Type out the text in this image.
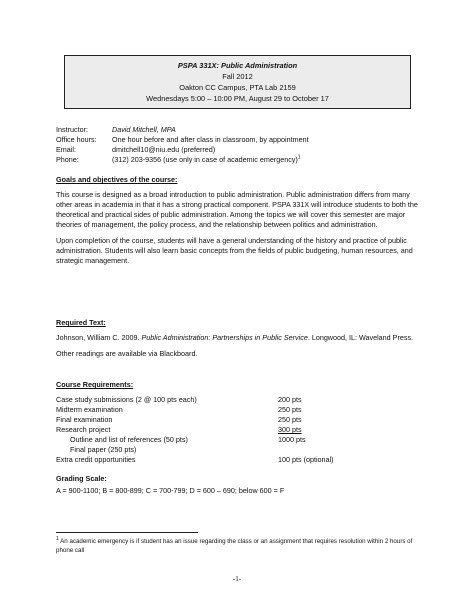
PSPA 331X: Public Administration
Fall 2012
Oakton CC Campus, PTA Lab 2159
Wednesdays 5:00 – 10:00 PM, August 29 to October 17
Instructor:	David Mitchell, MPA
Office hours:	One hour before and after class in classroom, by appointment
Email:	dmitchell10@niu.edu (preferred)
Phone:	(312) 203-9356 (use only in case of academic emergency)$^1$
Goals and objectives of the course:

This course is designed as a broad introduction to public administration. Public administration differs from many other areas in academia in that it has a strong practical component. PSPA 331X will introduce students to both the theoretical and practical sides of public administration. Among the topics we will cover this semester are major theories of management, the policy process, and the relationship between politics and administration.

Upon completion of the course, students will have a general understanding of the history and practice of public administration. Students will also learn basic concepts from the fields of public budgeting, human resources, and strategic management.

Required Text:

Johnson, William C. 2009. Public Administration: Partnerships in Public Service. Longwood, IL: Waveland Press.

Other readings are available via Blackboard.

Course Requirements:
Case study submissions (2 @ 100 pts each)	200 pts
Midterm examination	250 pts
Final examination	250 pts
Research project	300 pts
Outline and list of references (50 pts)	1000 pts
Final paper (250 pts)
Extra credit opportunities	100 pts (optional)
Grading Scale:

A = 900-1100; B = 800-899; C = 700-799; D = 600 – 690; below 600 = F

$^1$ An academic emergency is if student has an issue regarding the class or an assignment that requires resolution within 2 hours of phone call
-1-
